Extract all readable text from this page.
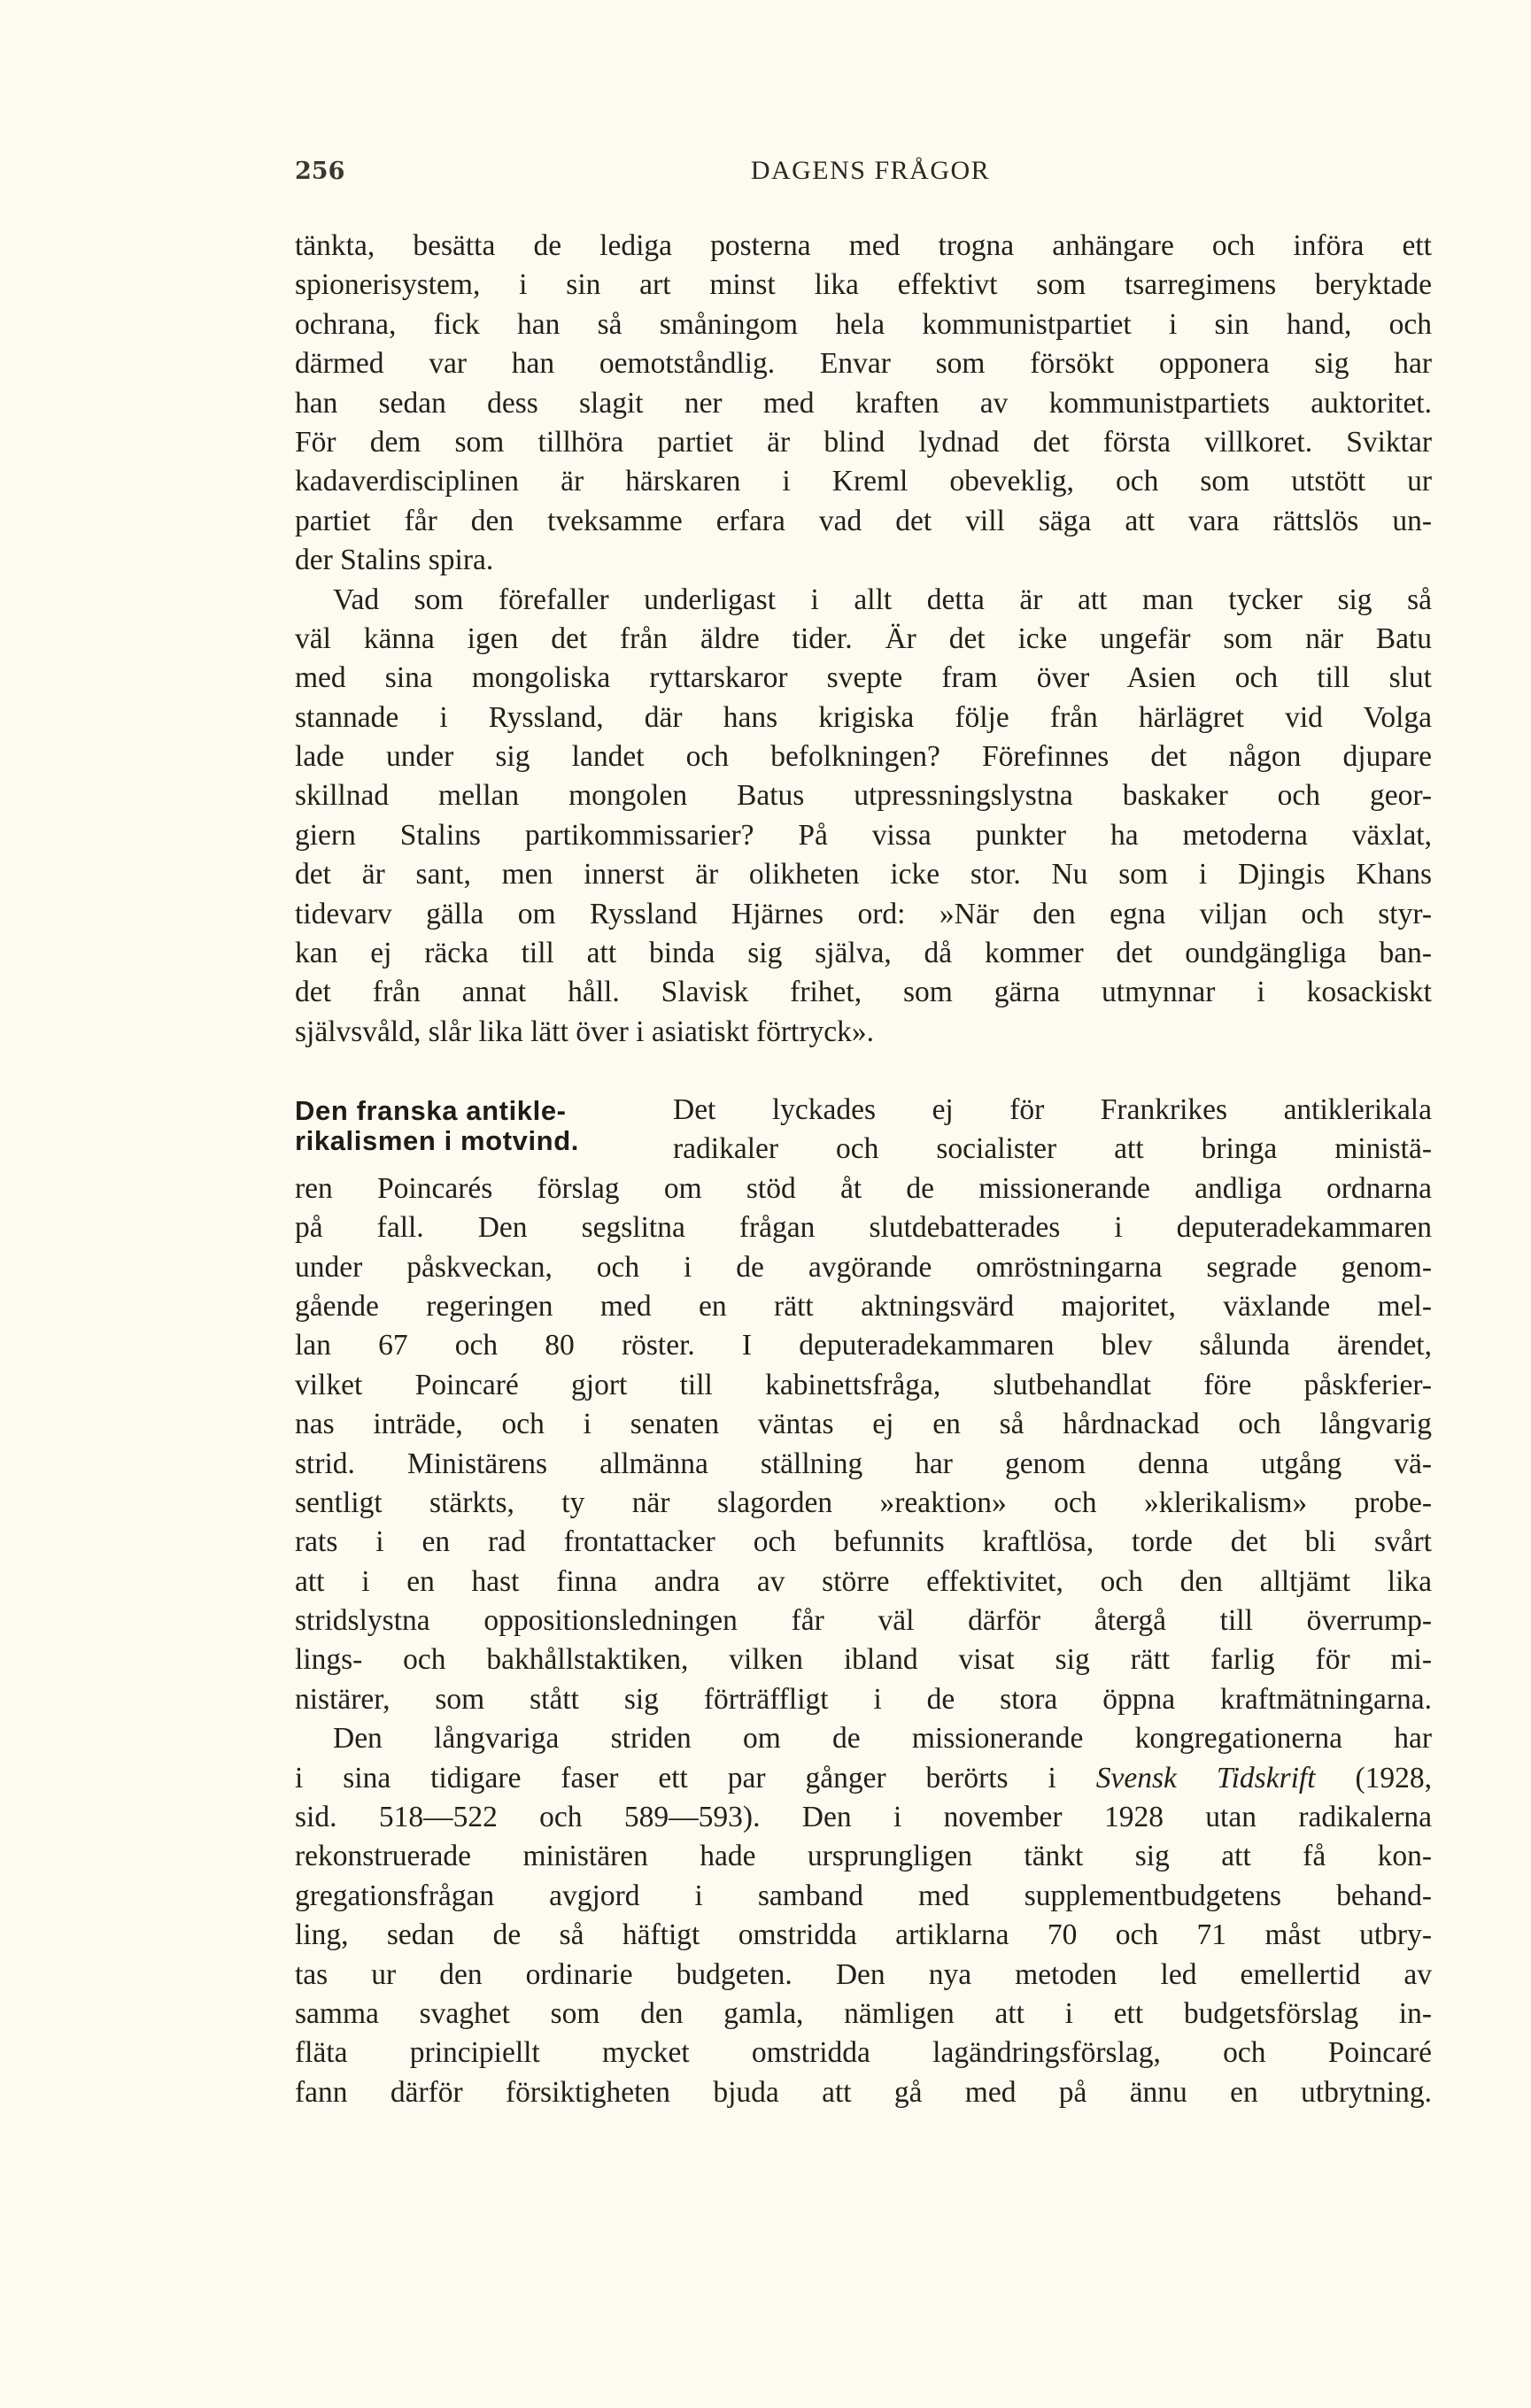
256	DAGENS FRÅGOR
tänkta, besätta de lediga posterna med trogna anhängare och införa ett
spionerisystem, i sin art minst lika effektivt som tsarregimens beryktade
ochrana, fick han så småningom hela kommunistpartiet i sin hand, och
därmed var han oemotståndlig. Envar som försökt opponera sig har
han sedan dess slagit ner med kraften av kommunistpartiets auktoritet.
För dem som tillhöra partiet är blind lydnad det första villkoret. Sviktar
kadaverdisciplinen är härskaren i Kreml obeveklig, och som utstött ur
partiet får den tveksamme erfara vad det vill säga att vara rättslös un-
der Stalins spira.
Vad som förefaller underligast i allt detta är att man tycker sig så
väl känna igen det från äldre tider. Är det icke ungefär som när Batu
med sina mongoliska ryttarskaror svepte fram över Asien och till slut
stannade i Ryssland, där hans krigiska följe från härlägret vid Volga
lade under sig landet och befolkningen? Förefinnes det någon djupare
skillnad mellan mongolen Batus utpressningslystna baskaker och geor-
giern Stalins partikommissarier? På vissa punkter ha metoderna växlat,
det är sant, men innerst är olikheten icke stor. Nu som i Djingis Khans
tidevarv gälla om Ryssland Hjärnes ord: »När den egna viljan och styr-
kan ej räcka till att binda sig själva, då kommer det oundgängliga ban-
det från annat håll. Slavisk frihet, som gärna utmynnar i kosackiskt
självsvåld, slår lika lätt över i asiatiskt förtryck».
Den franska antikle-
rikalismen i motvind.
Det lyckades ej för Frankrikes antiklerikala
radikaler och socialister att bringa ministä-
ren Poincarés förslag om stöd åt de missionerande andliga ordnarna
på fall. Den segslitna frågan slutdebatterades i deputeradekammaren
under påskveckan, och i de avgörande omröstningarna segrade genom-
gående regeringen med en rätt aktningsvärd majoritet, växlande mel-
lan 67 och 80 röster. I deputeradekammaren blev sålunda ärendet,
vilket Poincaré gjort till kabinettsfråga, slutbehandlat före påskferier-
nas inträde, och i senaten väntas ej en så hårdnackad och långvarig
strid. Ministärens allmänna ställning har genom denna utgång vä-
sentligt stärkts, ty när slagorden »reaktion» och »klerikalism» probe-
rats i en rad frontattacker och befunnits kraftlösa, torde det bli svårt
att i en hast finna andra av större effektivitet, och den alltjämt lika
stridslystna oppositionsledningen får väl därför återgå till överrump-
lings- och bakhållstaktiken, vilken ibland visat sig rätt farlig för mi-
nistärer, som stått sig förträffligt i de stora öppna kraftmätningarna.
Den långvariga striden om de missionerande kongregationerna har
i sina tidigare faser ett par gånger berörts i Svensk Tidskrift (1928,
sid. 518—522 och 589—593). Den i november 1928 utan radikalerna
rekonstruerade ministären hade ursprungligen tänkt sig att få kon-
gregationsfrågan avgjord i samband med supplementbudgetens behand-
ling, sedan de så häftigt omstridda artiklarna 70 och 71 måst utbry-
tas ur den ordinarie budgeten. Den nya metoden led emellertid av
samma svaghet som den gamla, nämligen att i ett budgetsförslag in-
fläta principiellt mycket omstridda lagändringsförslag, och Poincaré
fann därför försiktigheten bjuda att gå med på ännu en utbrytning.
